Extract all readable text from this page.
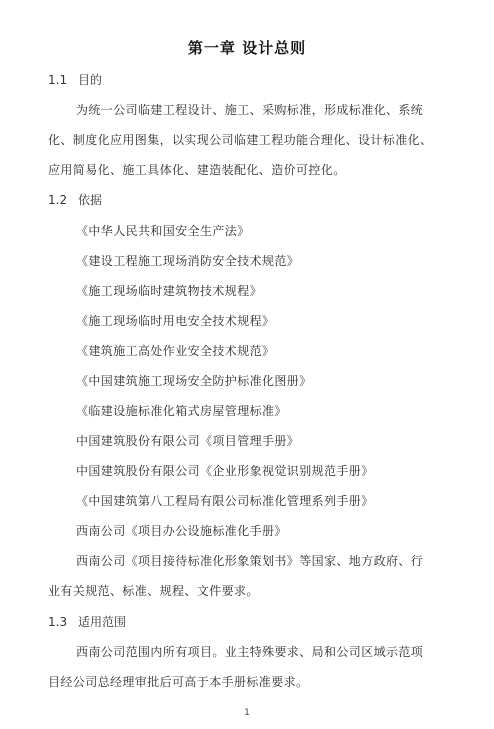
第一章 设计总则
1.1 目的
为统一公司临建工程设计、施工、采购标准，形成标准化、系统
化、制度化应用图集，以实现公司临建工程功能合理化、设计标准化、
应用简易化、施工具体化、建造装配化、造价可控化。
1.2 依据
《中华人民共和国安全生产法》
《建设工程施工现场消防安全技术规范》
《施工现场临时建筑物技术规程》
《施工现场临时用电安全技术规程》
《建筑施工高处作业安全技术规范》
《中国建筑施工现场安全防护标准化图册》
《临建设施标准化箱式房屋管理标准》
中国建筑股份有限公司《项目管理手册》
中国建筑股份有限公司《企业形象视觉识别规范手册》
《中国建筑第八工程局有限公司标准化管理系列手册》
西南公司《项目办公设施标准化手册》
西南公司《项目接待标准化形象策划书》等国家、地方政府、行
业有关规范、标准、规程、文件要求。
1.3 适用范围
西南公司范围内所有项目。业主特殊要求、局和公司区域示范项
目经公司总经理审批后可高于本手册标准要求。
1
